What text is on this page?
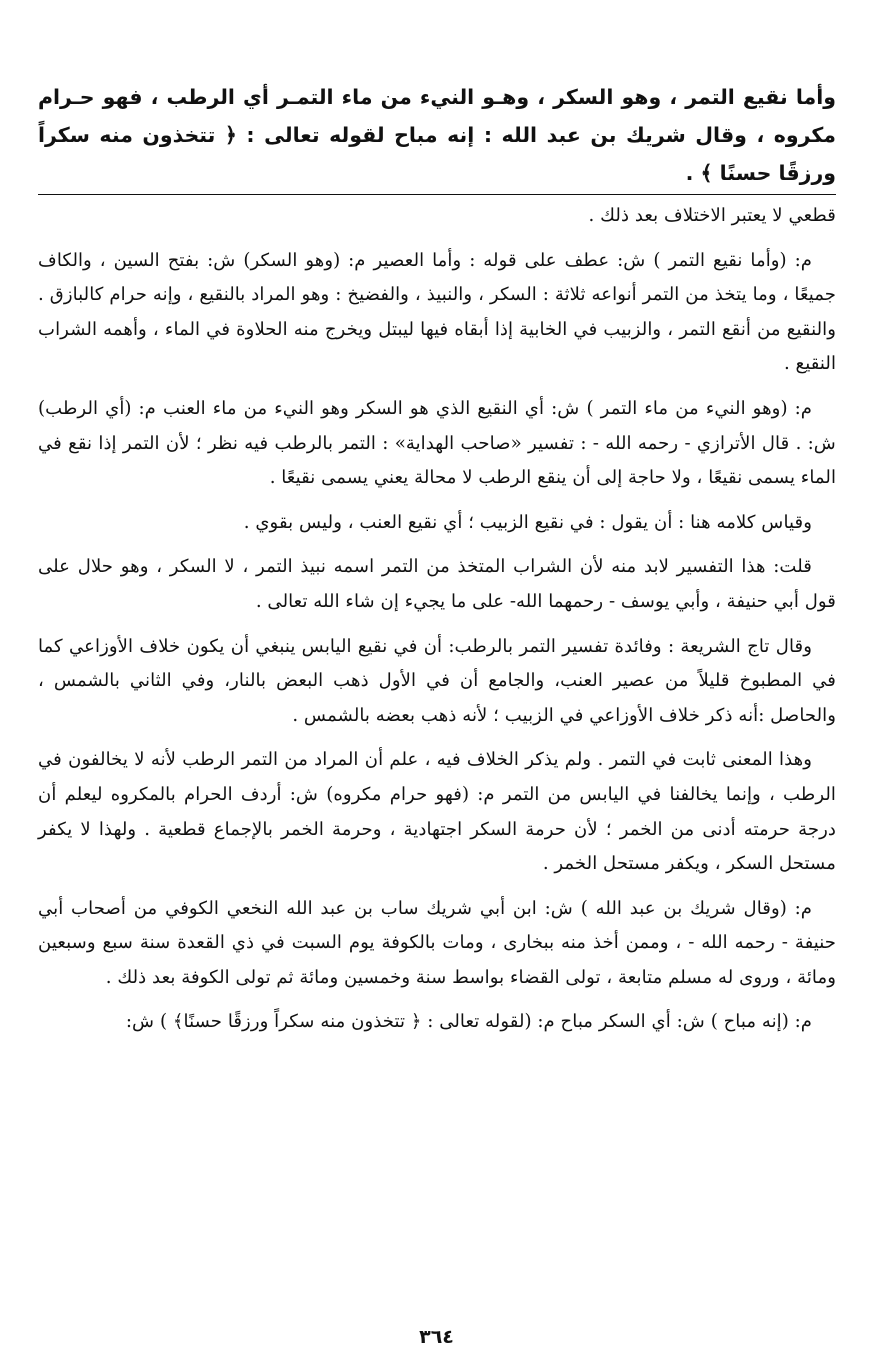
وأما نقيع التمر ، وهو السكر ، وهـو النيء من ماء التمـر أي الرطب ، فهو حـرام مكروه ، وقال شريك بن عبد الله : إنه مباح لقوله تعالى : ﴿ تتخذون منه سكراً ورزقًا حسنًا ﴾ .

قطعي لا يعتبر الاختلاف بعد ذلك .

م: (وأما نقيع التمر ) ش: عطف على قوله : وأما العصير م: (وهو السكر) ش: بفتح السين ، والكاف جميعًا ، وما يتخذ من التمر أنواعه ثلاثة : السكر ، والنبيذ ، والفضيخ : وهو المراد بالنقيع ، وإنه حرام كالبازق . والنقيع من أنقع التمر ، والزبيب في الخابية إذا أبقاه فيها ليبتل ويخرج منه الحلاوة في الماء ، وأهمه الشراب النقيع .

م: (وهو النيء من ماء التمر ) ش: أي النقيع الذي هو السكر وهو النيء من ماء العنب م: (أي الرطب) ش: . قال الأترازي - رحمه الله - : تفسير «صاحب الهداية» : التمر بالرطب فيه نظر ؛ لأن التمر إذا نقع في الماء يسمى نقيعًا ، ولا حاجة إلى أن ينقع الرطب لا محالة يعني يسمى نقيعًا .

وقياس كلامه هنا : أن يقول : في نقيع الزبيب ؛ أي نقيع العنب ، وليس بقوي .

قلت: هذا التفسير لابد منه لأن الشراب المتخذ من التمر اسمه نبيذ التمر ، لا السكر ، وهو حلال على قول أبي حنيفة ، وأبي يوسف - رحمهما الله- على ما يجيء إن شاء الله تعالى .

وقال تاج الشريعة : وفائدة تفسير التمر بالرطب: أن في نقيع اليابس ينبغي أن يكون خلاف الأوزاعي كما في المطبوخ قليلاً من عصير العنب، والجامع أن في الأول ذهب البعض بالنار، وفي الثاني بالشمس ، والحاصل :أنه ذكر خلاف الأوزاعي في الزبيب ؛ لأنه ذهب بعضه بالشمس .

وهذا المعنى ثابت في التمر . ولم يذكر الخلاف فيه ، علم أن المراد من التمر الرطب لأنه لا يخالفون في الرطب ، وإنما يخالفنا في اليابس من التمر م: (فهو حرام مكروه) ش: أردف الحرام بالمكروه ليعلم أن درجة حرمته أدنى من الخمر ؛ لأن حرمة السكر اجتهادية ، وحرمة الخمر بالإجماع قطعية . ولهذا لا يكفر مستحل السكر ، ويكفر مستحل الخمر .

م: (وقال شريك بن عبد الله ) ش: ابن أبي شريك ساب بن عبد الله النخعي الكوفي من أصحاب أبي حنيفة - رحمه الله - ، وممن أخذ منه ببخارى ، ومات بالكوفة يوم السبت في ذي القعدة سنة سبع وسبعين ومائة ، وروى له مسلم متابعة ، تولى القضاء بواسط سنة وخمسين ومائة ثم تولى الكوفة بعد ذلك .

م: (إنه مباح ) ش: أي السكر مباح م: (لقوله تعالى : ﴿ تتخذون منه سكراً ورزقًا حسنًا﴾ ) ش:

٣٦٤
